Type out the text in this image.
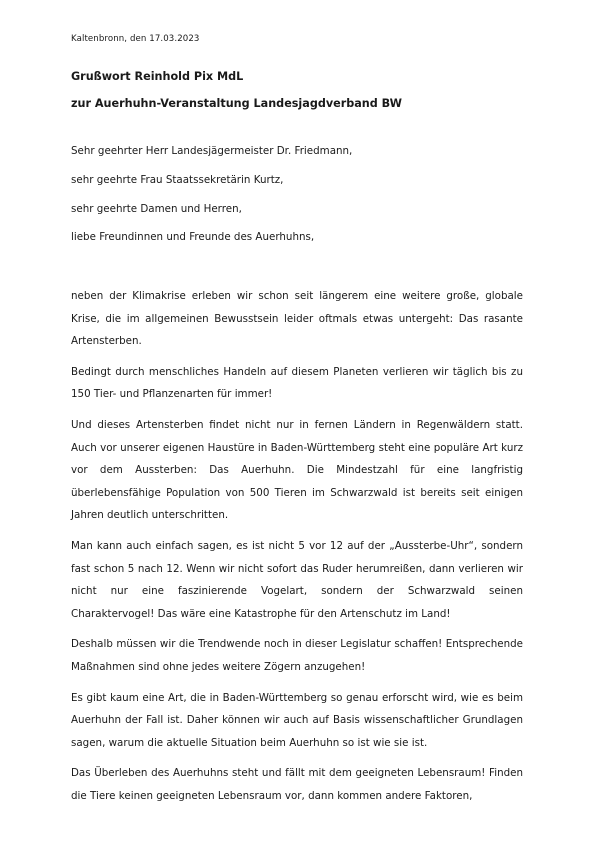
Kaltenbronn, den 17.03.2023
Grußwort Reinhold Pix MdL
zur Auerhuhn-Veranstaltung Landesjagdverband BW
Sehr geehrter Herr Landesjägermeister Dr. Friedmann,
sehr geehrte Frau Staatssekretärin Kurtz,
sehr geehrte Damen und Herren,
liebe Freundinnen und Freunde des Auerhuhns,

neben der Klimakrise erleben wir schon seit längerem eine weitere große, globale Krise, die im allgemeinen Bewusstsein leider oftmals etwas untergeht: Das rasante Artensterben.

Bedingt durch menschliches Handeln auf diesem Planeten verlieren wir täglich bis zu 150 Tier- und Pflanzenarten für immer!

Und dieses Artensterben findet nicht nur in fernen Ländern in Regenwäldern statt. Auch vor unserer eigenen Haustüre in Baden-Württemberg steht eine populäre Art kurz vor dem Aussterben: Das Auerhuhn. Die Mindestzahl für eine langfristig überlebensfähige Population von 500 Tieren im Schwarzwald ist bereits seit einigen Jahren deutlich unterschritten.

Man kann auch einfach sagen, es ist nicht 5 vor 12 auf der „Aussterbe-Uhr“, sondern fast schon 5 nach 12. Wenn wir nicht sofort das Ruder herumreißen, dann verlieren wir nicht nur eine faszinierende Vogelart, sondern der Schwarzwald seinen Charaktervogel! Das wäre eine Katastrophe für den Artenschutz im Land!

Deshalb müssen wir die Trendwende noch in dieser Legislatur schaffen! Entsprechende Maßnahmen sind ohne jedes weitere Zögern anzugehen!

Es gibt kaum eine Art, die in Baden-Württemberg so genau erforscht wird, wie es beim Auerhuhn der Fall ist. Daher können wir auch auf Basis wissenschaftlicher Grundlagen sagen, warum die aktuelle Situation beim Auerhuhn so ist wie sie ist.

Das Überleben des Auerhuhns steht und fällt mit dem geeigneten Lebensraum! Finden die Tiere keinen geeigneten Lebensraum vor, dann kommen andere Faktoren,
